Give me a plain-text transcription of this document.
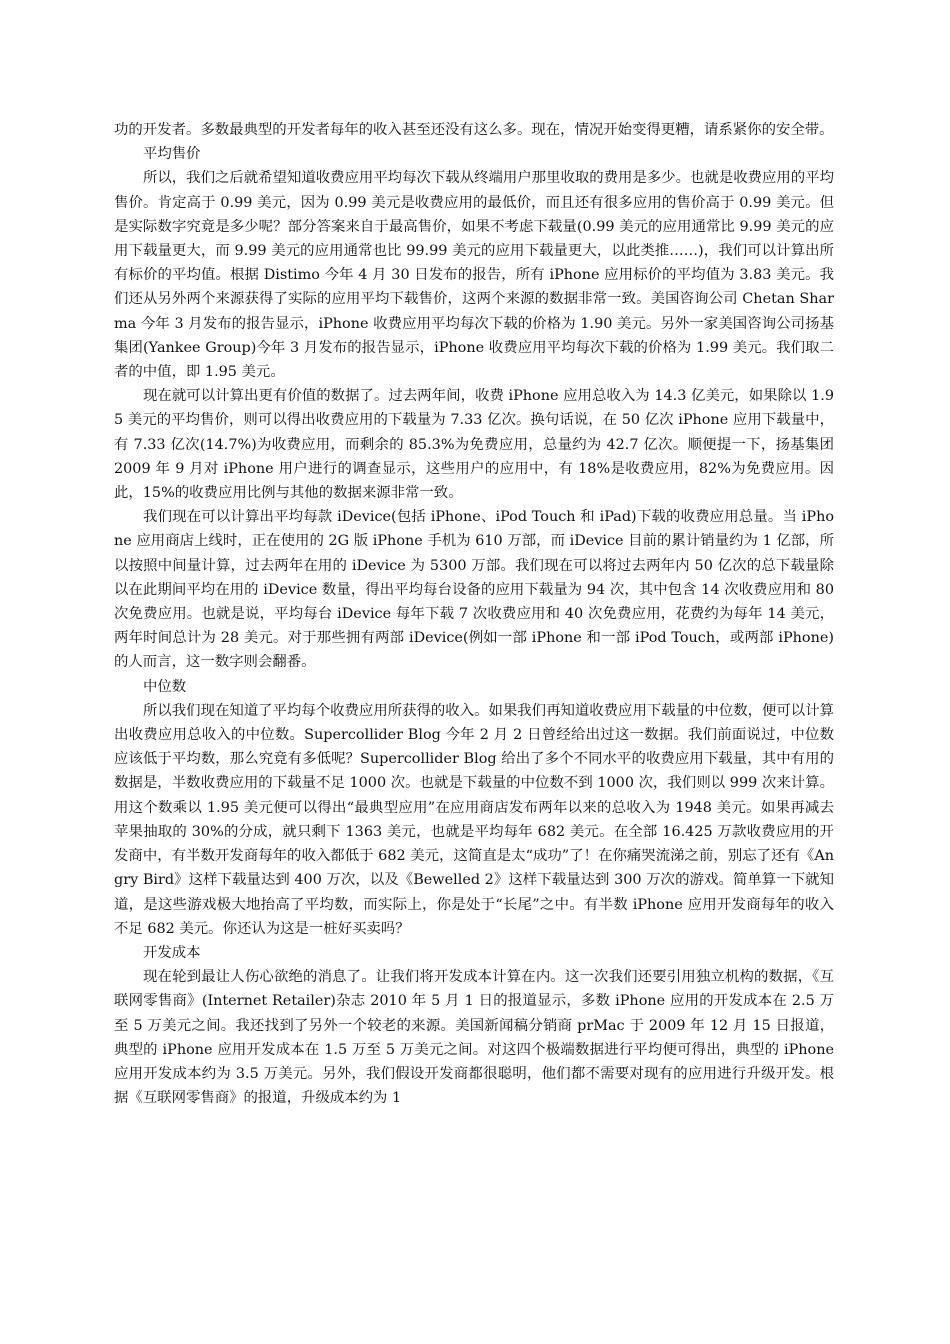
功的开发者。多数最典型的开发者每年的收入甚至还没有这么多。现在，情况开始变得更糟，请系紧你的安全带。

平均售价

所以，我们之后就希望知道收费应用平均每次下载从终端用户那里收取的费用是多少。也就是收费应用的平均售价。肯定高于 0.99 美元，因为 0.99 美元是收费应用的最低价，而且还有很多应用的售价高于 0.99 美元。但是实际数字究竟是多少呢？部分答案来自于最高售价，如果不考虑下载量(0.99 美元的应用通常比 9.99 美元的应用下载量更大，而 9.99 美元的应用通常也比 99.99 美元的应用下载量更大，以此类推……)，我们可以计算出所有标价的平均值。根据 Distimo 今年 4 月 30 日发布的报告，所有 iPhone 应用标价的平均值为 3.83 美元。我们还从另外两个来源获得了实际的应用平均下载售价，这两个来源的数据非常一致。美国咨询公司 Chetan Sharma 今年 3 月发布的报告显示，iPhone 收费应用平均每次下载的价格为 1.90 美元。另外一家美国咨询公司扬基集团(Yankee Group)今年 3 月发布的报告显示，iPhone 收费应用平均每次下载的价格为 1.99 美元。我们取二者的中值，即 1.95 美元。

现在就可以计算出更有价值的数据了。过去两年间，收费 iPhone 应用总收入为 14.3 亿美元，如果除以 1.95 美元的平均售价，则可以得出收费应用的下载量为 7.33 亿次。换句话说，在 50 亿次 iPhone 应用下载量中，有 7.33 亿次(14.7%)为收费应用，而剩余的 85.3%为免费应用，总量约为 42.7 亿次。顺便提一下，扬基集团 2009 年 9 月对 iPhone 用户进行的调查显示，这些用户的应用中，有 18%是收费应用，82%为免费应用。因此，15%的收费应用比例与其他的数据来源非常一致。

我们现在可以计算出平均每款 iDevice(包括 iPhone、iPod Touch 和 iPad)下载的收费应用总量。当 iPhone 应用商店上线时，正在使用的 2G 版 iPhone 手机为 610 万部，而 iDevice 目前的累计销量约为 1 亿部，所以按照中间量计算，过去两年在用的 iDevice 为 5300 万部。我们现在可以将过去两年内 50 亿次的总下载量除以在此期间平均在用的 iDevice 数量，得出平均每台设备的应用下载量为 94 次，其中包含 14 次收费应用和 80 次免费应用。也就是说，平均每台 iDevice 每年下载 7 次收费应用和 40 次免费应用，花费约为每年 14 美元，两年时间总计为 28 美元。对于那些拥有两部 iDevice(例如一部 iPhone 和一部 iPod Touch，或两部 iPhone)的人而言，这一数字则会翻番。

中位数

所以我们现在知道了平均每个收费应用所获得的收入。如果我们再知道收费应用下载量的中位数，便可以计算出收费应用总收入的中位数。Supercollider Blog 今年 2 月 2 日曾经给出过这一数据。我们前面说过，中位数应该低于平均数，那么究竟有多低呢？Supercollider Blog 给出了多个不同水平的收费应用下载量，其中有用的数据是，半数收费应用的下载量不足 1000 次。也就是下载量的中位数不到 1000 次，我们则以 999 次来计算。用这个数乘以 1.95 美元便可以得出“最典型应用”在应用商店发布两年以来的总收入为 1948 美元。如果再减去苹果抽取的 30%的分成，就只剩下 1363 美元，也就是平均每年 682 美元。在全部 16.425 万款收费应用的开发商中，有半数开发商每年的收入都低于 682 美元，这简直是太“成功”了！在你痛哭流涕之前，别忘了还有《Angry Bird》这样下载量达到 400 万次，以及《Bewelled 2》这样下载量达到 300 万次的游戏。简单算一下就知道，是这些游戏极大地抬高了平均数，而实际上，你是处于“长尾”之中。有半数 iPhone 应用开发商每年的收入不足 682 美元。你还认为这是一桩好买卖吗？

开发成本

现在轮到最让人伤心欲绝的消息了。让我们将开发成本计算在内。这一次我们还要引用独立机构的数据，《互联网零售商》(Internet Retailer)杂志 2010 年 5 月 1 日的报道显示，多数 iPhone 应用的开发成本在 2.5 万至 5 万美元之间。我还找到了另外一个较老的来源。美国新闻稿分销商 prMac 于 2009 年 12 月 15 日报道，典型的 iPhone 应用开发成本在 1.5 万至 5 万美元之间。对这四个极端数据进行平均便可得出，典型的 iPhone 应用开发成本约为 3.5 万美元。另外，我们假设开发商都很聪明，他们都不需要对现有的应用进行升级开发。根据《互联网零售商》的报道，升级成本约为 1
